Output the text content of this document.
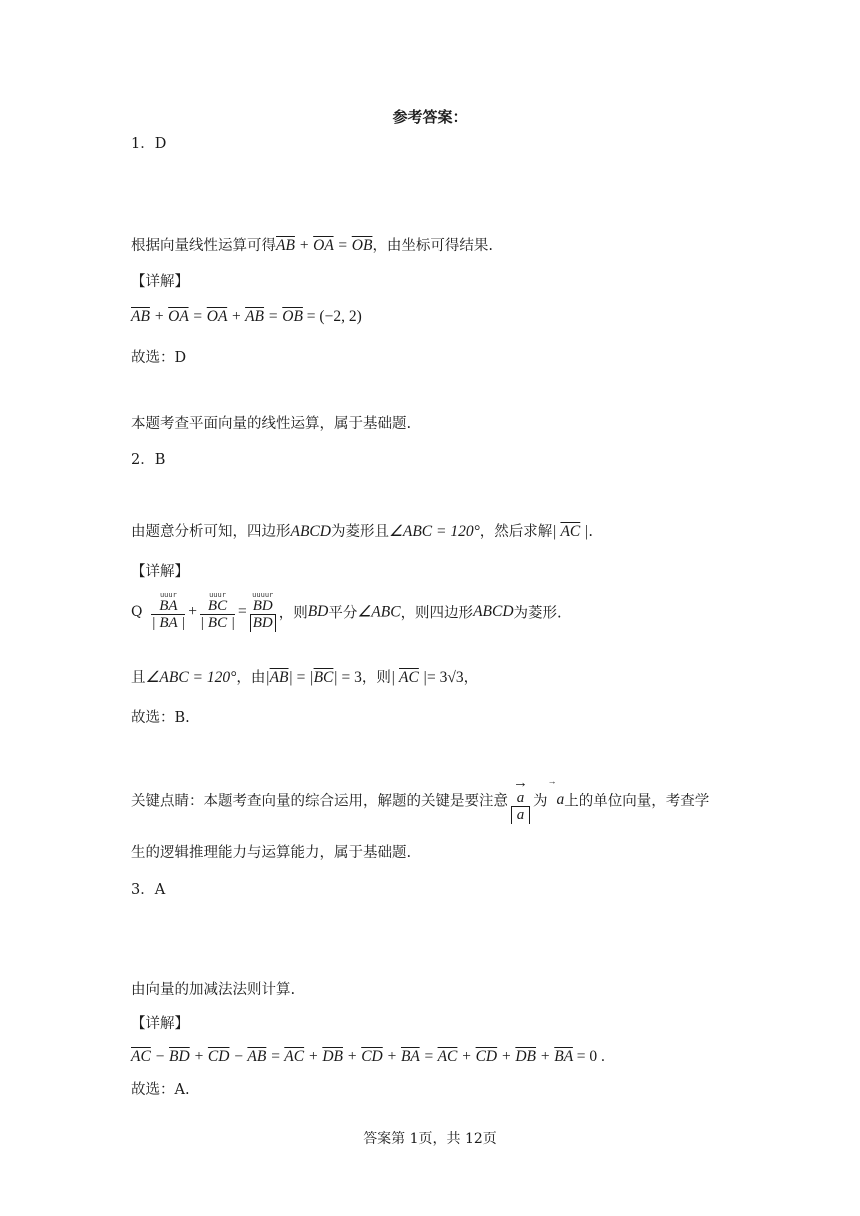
参考答案：
1．D
根据向量线性运算可得$\overline{AB} + \overline{OA} = \overline{OB}$，由坐标可得结果.
【详解】
$\overline{AB} + \overline{OA} = \overline{OA} + \overline{AB} = \overline{OB} = (-2$, 2)
故选：D
本题考查平面向量的线性运算，属于基础题.
2．B
由题意分析可知，四边形ABCD为菱形且∠ABC = 120°，然后求解| $\overline{AC}$ |.
【详解】
Q
uuur
BA
| BA |
+
uuur
BC
| BC |
=
uuuur
BD
BD
，则BD平分∠ABC，则四边形ABCD为菱形.
且∠ABC = 120°，由$|\overline{AB}| = |\overline{BC}| = 3$，则| $\overline{AC}$ |= 3√3，
故选：B.
关键点睛：本题考查向量的综合运用，解题的关键是要注意
→
a
a
为→a上的单位向量，考查学
生的逻辑推理能力与运算能力，属于基础题.
3．A
由向量的加减法法则计算.
【详解】
$\overline{AC} - \overline{BD} + \overline{CD} - \overline{AB} = \overline{AC} + \overline{DB} + \overline{CD} + \overline{BA} = \overline{AC} + \overline{CD} + \overline{DB} + \overline{BA} = 0$ .
故选：A.
答案第 1页，共 12页
